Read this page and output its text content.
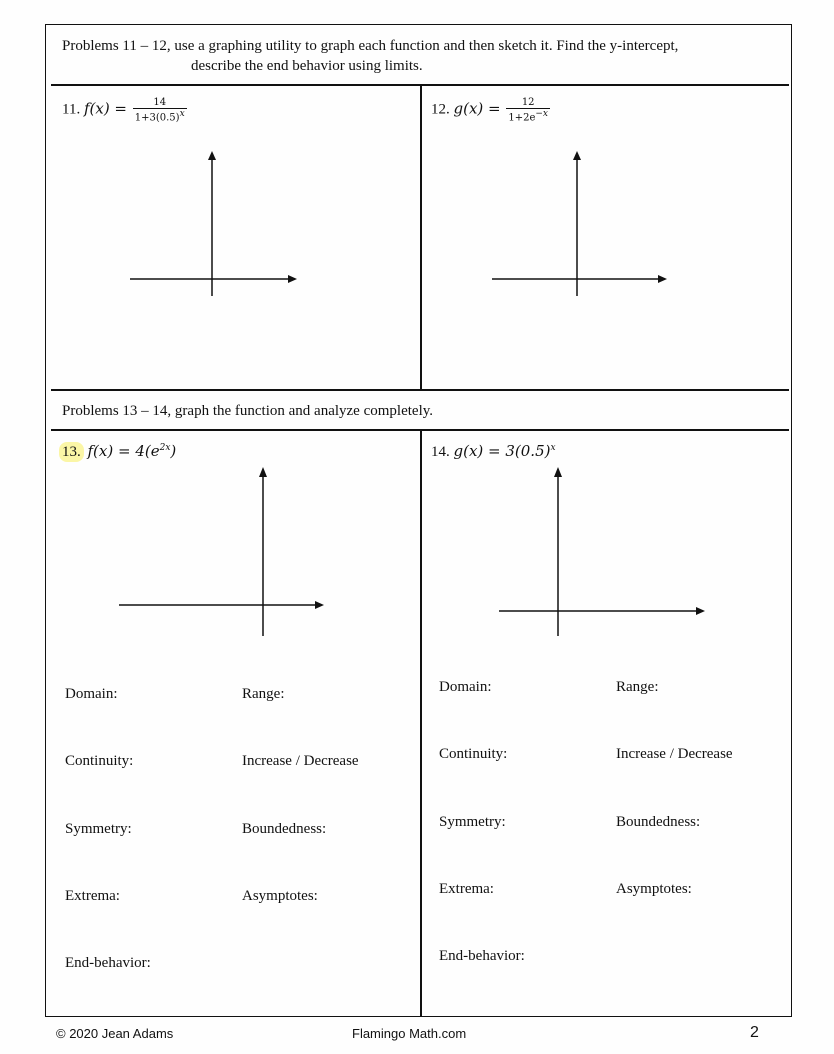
Problems 11 – 12, use a graphing utility to graph each function and then sketch it. Find the y-intercept,
describe the end behavior using limits.
11. $f(x) = \frac{14}{1+3(0.5)^x}$	12. $g(x) = \frac{12}{1+2e^{-x}}$
Problems 13 – 14, graph the function and analyze completely.
13. $f(x) = 4(e^{2x})$	14. $g(x) = 3(0.5)^x$
Domain:	Range:
Continuity:	Increase / Decrease
Symmetry:	Boundedness:
Extrema:	Asymptotes:
End-behavior:
Domain:	Range:
Continuity:	Increase / Decrease
Symmetry:	Boundedness:
Extrema:	Asymptotes:
End-behavior:
© 2020 Jean Adams	Flamingo Math.com	2
